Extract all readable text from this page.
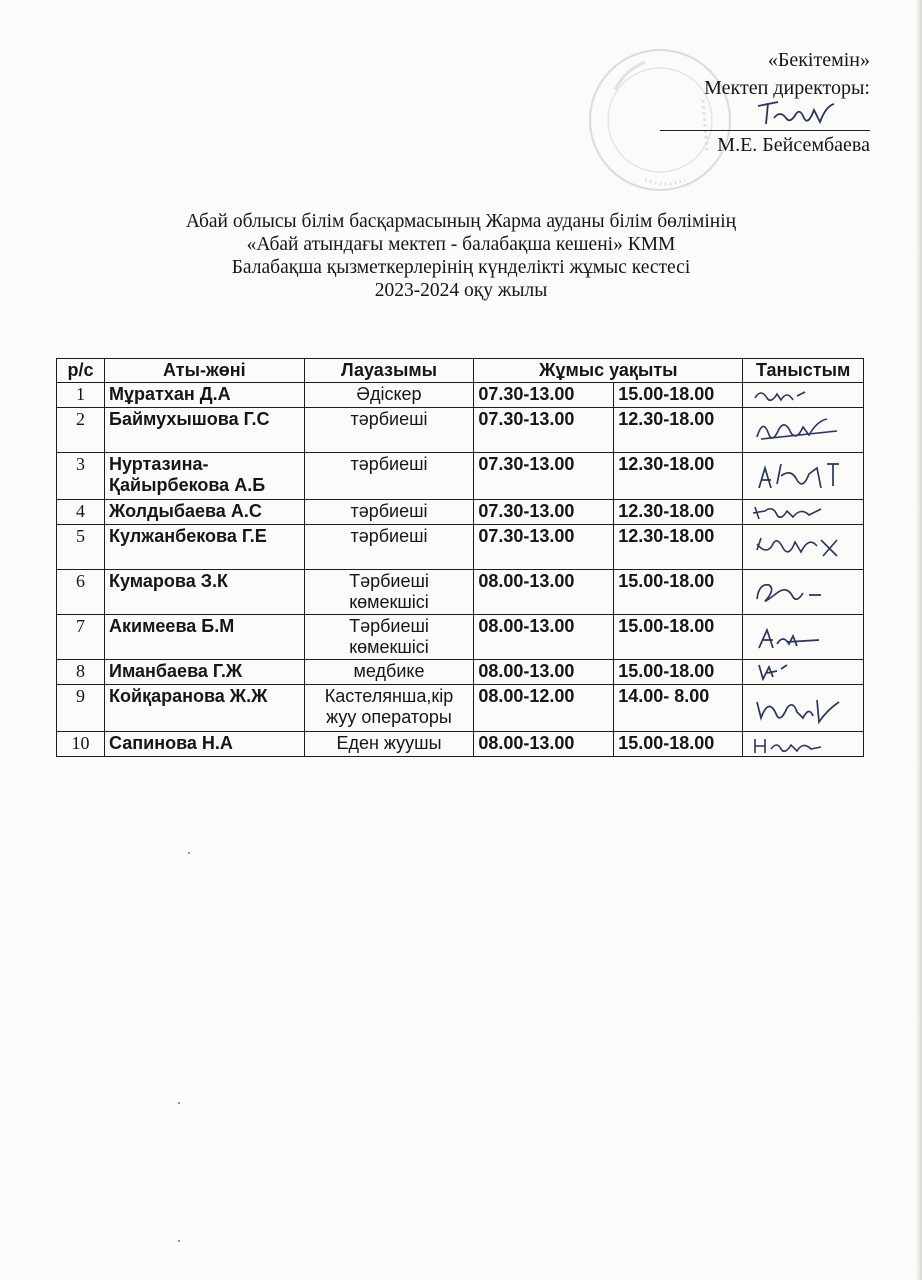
«Бекітемін»
Мектеп директоры:
М.Е. Бейсембаева
Абай облысы білім басқармасының Жарма ауданы білім бөлімінің
«Абай атындағы мектеп - балабақша кешені» КММ
Балабақша қызметкерлерінің күнделікті жұмыс кестесі
2023-2024 оқу жылы
р/с	Аты-жөні	Лауазымы	Жұмыс уақыты		Таныстым
1	Мұратхан Д.А	Әдіскер	07.30-13.00	15.00-18.00	

2	Баймухышова Г.С	тәрбиеші	07.30-13.00	12.30-18.00	

3	Нуртазина-Қайырбекова А.Б	тәрбиеші	07.30-13.00	12.30-18.00	

4	Жолдыбаева А.С	тәрбиеші	07.30-13.00	12.30-18.00	

5	Кулжанбекова Г.Е	тәрбиеші	07.30-13.00	12.30-18.00	

6	Кумарова З.К	Тәрбиеші көмекшісі	08.00-13.00	15.00-18.00	

7	Акимеева Б.М	Тәрбиеші көмекшісі	08.00-13.00	15.00-18.00	

8	Иманбаева Г.Ж	медбике	08.00-13.00	15.00-18.00	

9	Койқаранова Ж.Ж	Кастелянша,кір жуу операторы	08.00-12.00	14.00- 8.00	

10	Сапинова Н.А	Еден жуушы	08.00-13.00	15.00-18.00	
